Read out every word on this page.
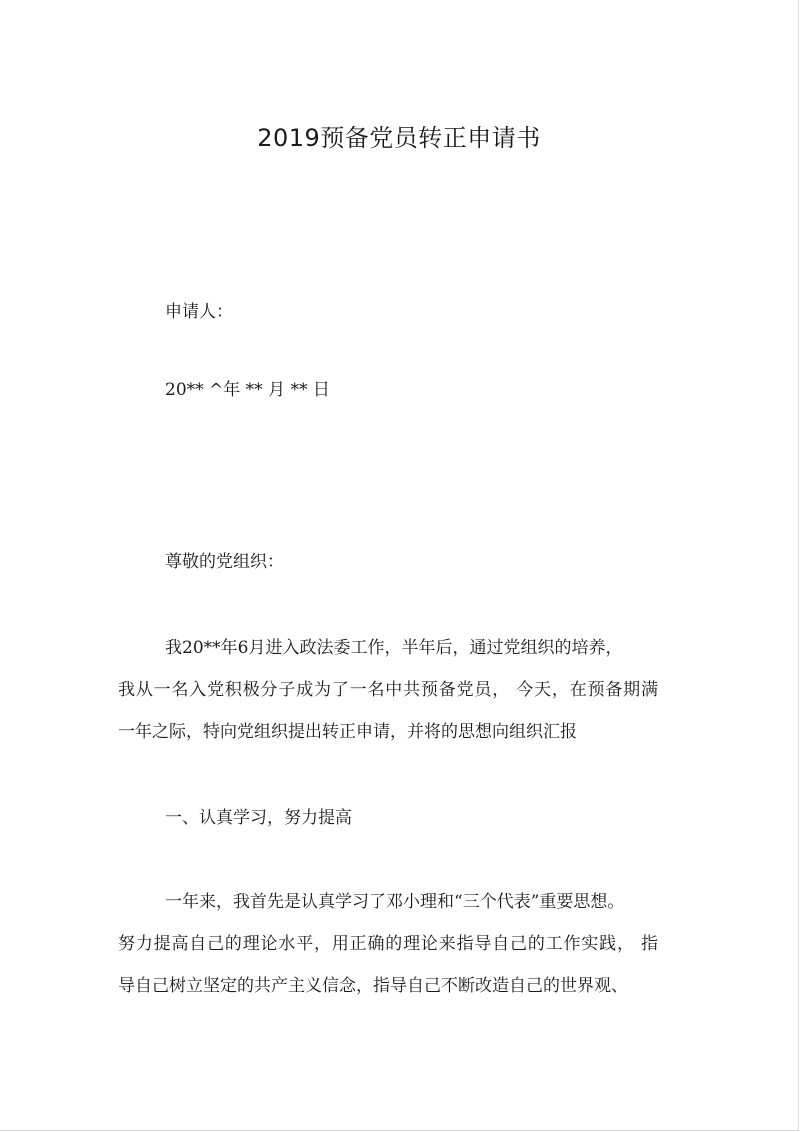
2019预备党员转正申请书
申请人：
20** ^年 ** 月 ** 日
尊敬的党组织：
我20**年6月进入政法委工作，半年后，通过党组织的培养，
我从一名入党积极分子成为了一名中共预备党员， 今天，在预备期满
一年之际，特向党组织提出转正申请，并将的思想向组织汇报
一、认真学习，努力提高
一年来，我首先是认真学习了邓小理和“三个代表”重要思想。
努力提高自己的理论水平，用正确的理论来指导自己的工作实践， 指
导自己树立坚定的共产主义信念，指导自己不断改造自己的世界观、
